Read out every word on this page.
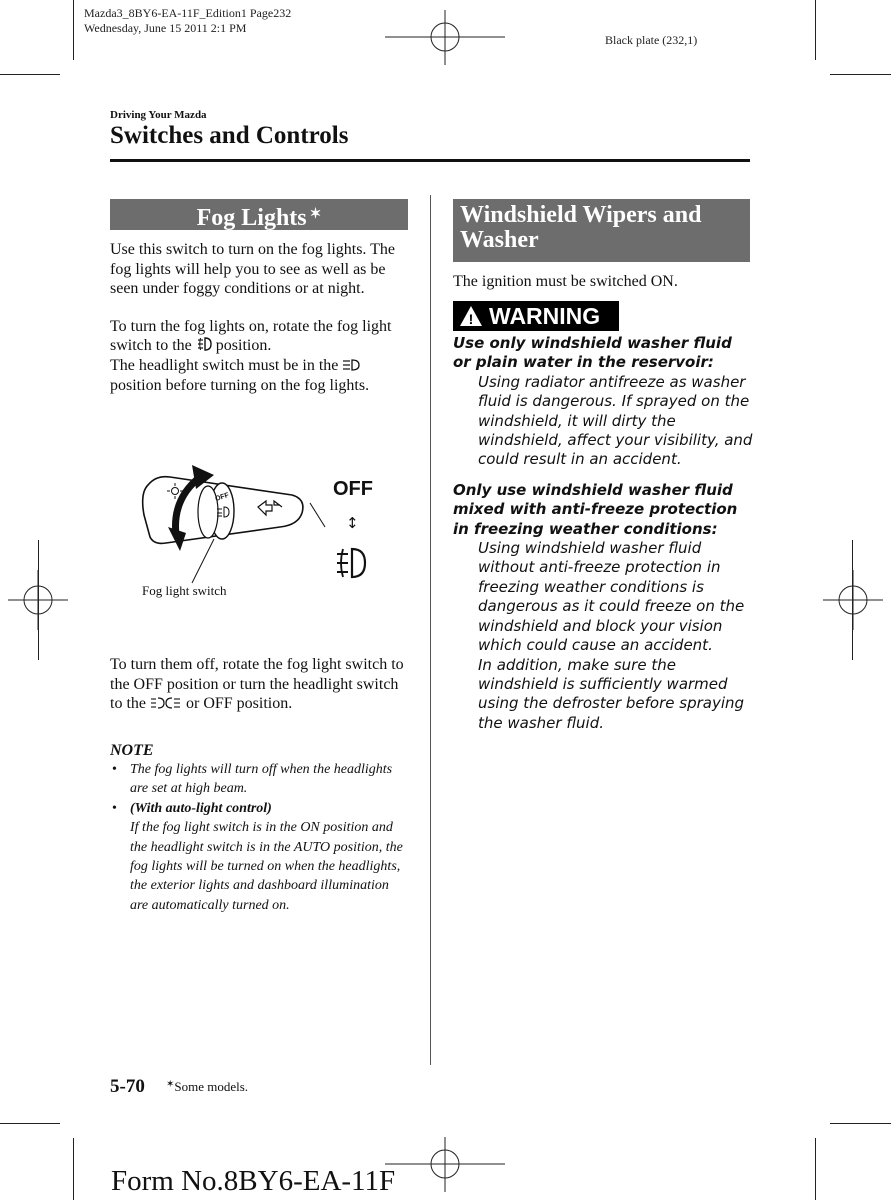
Mazda3_8BY6-EA-11F_Edition1 Page232
Wednesday, June 15 2011 2:1 PM
Black plate (232,1)
Driving Your Mazda
Switches and Controls
Fog Lights ✶

Use this switch to turn on the fog lights. The fog lights will help you to see as well as be seen under foggy conditions or at night.

To turn the fog lights on, rotate the fog light switch to the position.
The headlight switch must be in the  position before turning on the fog lights.

OFF	OFF
↕
Fog light switch
To turn them off, rotate the fog light switch to the OFF position or turn the headlight switch to the	or OFF position.
NOTE
• The fog lights will turn off when the headlights are set at high beam.
• (With auto-light control)
If the fog light switch is in the ON position and the headlight switch is in the AUTO position, the fog lights will be turned on when the headlights, the exterior lights and dashboard illumination are automatically turned on.
Windshield Wipers and Washer
The ignition must be switched ON.
! WARNING
Use only windshield washer fluid or plain water in the reservoir:
Using radiator antifreeze as washer fluid is dangerous. If sprayed on the windshield, it will dirty the windshield, affect your visibility, and could result in an accident.
Only use windshield washer fluid mixed with anti-freeze protection in freezing weather conditions:
Using windshield washer fluid without anti-freeze protection in freezing weather conditions is dangerous as it could freeze on the windshield and block your vision which could cause an accident.
In addition, make sure the windshield is sufficiently warmed using the defroster before spraying the washer fluid.
5-70 ✶Some models.
Form No.8BY6-EA-11F
